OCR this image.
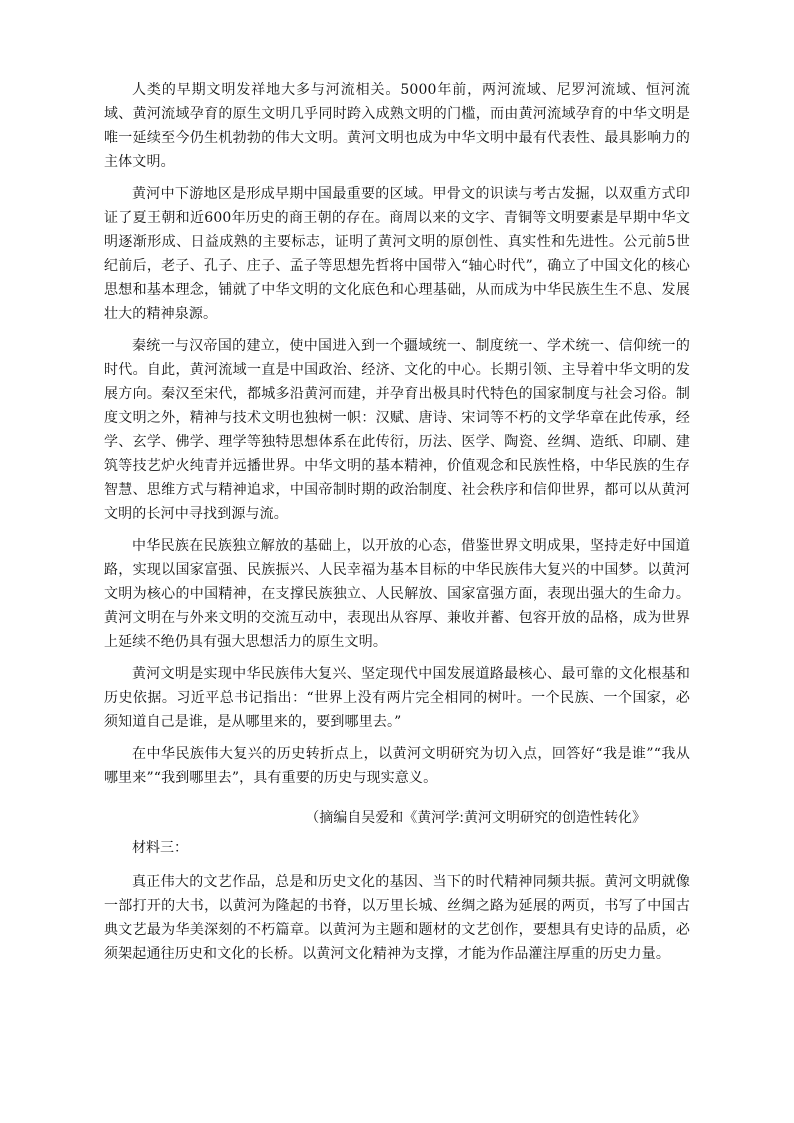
人类的早期文明发祥地大多与河流相关。5000年前，两河流域、尼罗河流域、恒河流域、黄河流域孕育的原生文明几乎同时跨入成熟文明的门槛，而由黄河流域孕育的中华文明是唯一延续至今仍生机勃勃的伟大文明。黄河文明也成为中华文明中最有代表性、最具影响力的主体文明。

黄河中下游地区是形成早期中国最重要的区域。甲骨文的识读与考古发掘，以双重方式印证了夏王朝和近600年历史的商王朝的存在。商周以来的文字、青铜等文明要素是早期中华文明逐渐形成、日益成熟的主要标志，证明了黄河文明的原创性、真实性和先进性。公元前5世纪前后，老子、孔子、庄子、孟子等思想先哲将中国带入“轴心时代”，确立了中国文化的核心思想和基本理念，铺就了中华文明的文化底色和心理基础，从而成为中华民族生生不息、发展壮大的精神泉源。

秦统一与汉帝国的建立，使中国进入到一个疆域统一、制度统一、学术统一、信仰统一的时代。自此，黄河流域一直是中国政治、经济、文化的中心。长期引领、主导着中华文明的发展方向。秦汉至宋代，都城多沿黄河而建，并孕育出极具时代特色的国家制度与社会习俗。制度文明之外，精神与技术文明也独树一帜：汉赋、唐诗、宋词等不朽的文学华章在此传承，经学、玄学、佛学、理学等独特思想体系在此传衍，历法、医学、陶瓷、丝绸、造纸、印刷、建筑等技艺炉火纯青并远播世界。中华文明的基本精神，价值观念和民族性格，中华民族的生存智慧、思维方式与精神追求，中国帝制时期的政治制度、社会秩序和信仰世界，都可以从黄河文明的长河中寻找到源与流。

中华民族在民族独立解放的基础上，以开放的心态，借鉴世界文明成果，坚持走好中国道路，实现以国家富强、民族振兴、人民幸福为基本目标的中华民族伟大复兴的中国梦。以黄河文明为核心的中国精神，在支撑民族独立、人民解放、国家富强方面，表现出强大的生命力。黄河文明在与外来文明的交流互动中，表现出从容厚、兼收并蓄、包容开放的品格，成为世界上延续不绝仍具有强大思想活力的原生文明。

黄河文明是实现中华民族伟大复兴、坚定现代中国发展道路最核心、最可靠的文化根基和历史依据。习近平总书记指出：“世界上没有两片完全相同的树叶。一个民族、一个国家，必须知道自己是谁，是从哪里来的，要到哪里去。”

在中华民族伟大复兴的历史转折点上，以黄河文明研究为切入点，回答好“我是谁”“我从哪里来”“我到哪里去”，具有重要的历史与现实意义。

（摘编自吴爱和《黄河学:黄河文明研究的创造性转化》

材料三：

真正伟大的文艺作品，总是和历史文化的基因、当下的时代精神同频共振。黄河文明就像一部打开的大书，以黄河为隆起的书脊，以万里长城、丝绸之路为延展的两页，书写了中国古典文艺最为华美深刻的不朽篇章。以黄河为主题和题材的文艺创作，要想具有史诗的品质，必须架起通往历史和文化的长桥。以黄河文化精神为支撑，才能为作品灌注厚重的历史力量。
